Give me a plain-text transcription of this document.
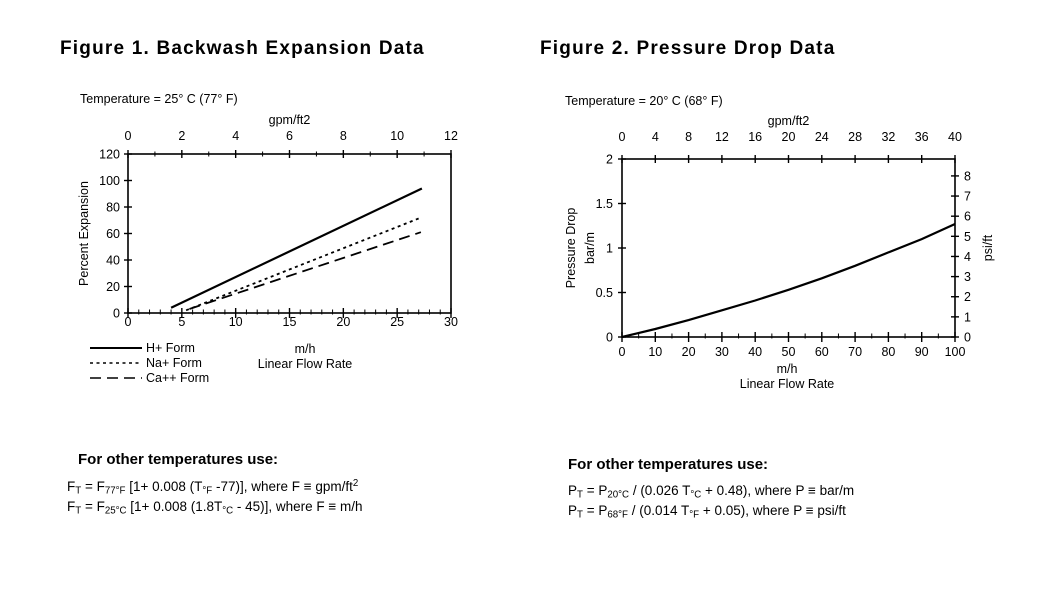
Figure 1. Backwash Expansion Data
Temperature = 25° C (77° F)
gpm/ft2
0	2	4	6	8	10	12
0	5	10	15	20	25	30
m/h
Linear Flow Rate
0
20
40
60
80
100
120
Percent Expansion
H+ Form
Na+ Form
Ca++ Form
For other temperatures use:
$F_T = F_{77^\circ F}$ [1+ 0.008 ($T_{^\circ F}$ -77)], where F ≡ gpm/$ft^2$
$F_T = F_{25^\circ C}$ [1+ 0.008 $(1.8T_{^\circ C} - 45)$], where F ≡ m/h
Figure 2. Pressure Drop Data
Temperature = 20° C (68° F)
gpm/ft2
0 4 8 12 16 20 24 28 32 36 40
0 10 20 30 40 50 60 70 80 90 100
m/h
Linear Flow Rate
0
0.5
1
1.5
2
Pressure Drop bar/m
0
1
2
3
4
5
6
7
8
psi/ft
For other temperatures use:
$P_T = P_{20^\circ C} / (0.026$ $T_{^\circ C} + 0.48$), where P ≡ bar/m
$P_T = P_{68^\circ F} / (0.014$ $T_{^\circ F} + 0.05$), where P ≡ psi/ft
